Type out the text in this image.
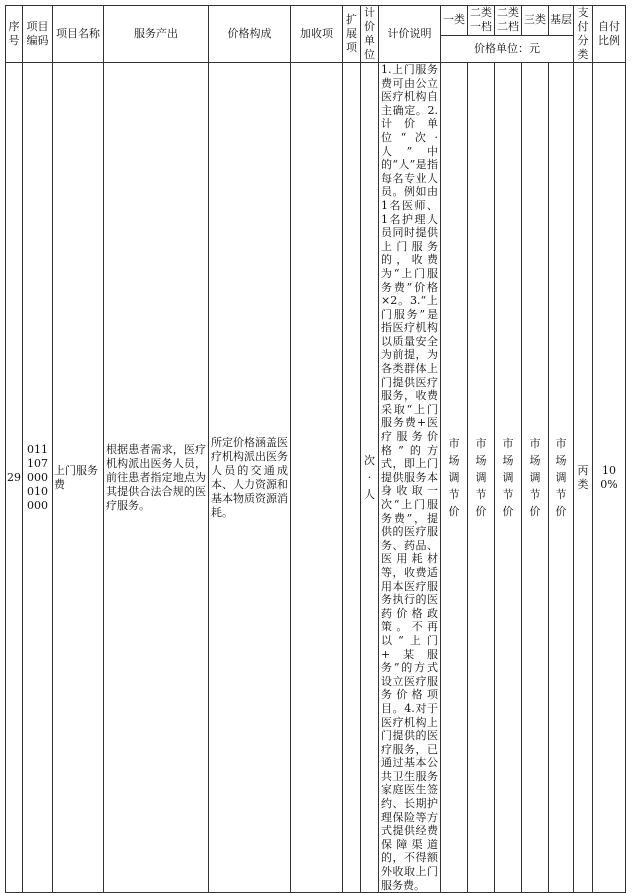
序号	项目编码	项目名称	服务产出	价格构成	加收项	扩展项	计价单位	计价说明	一类	二类一档	二类二档	三类	基层	支付分类	自付比例
									价格单位：元						
29	011107000010000	上门服务费	根据患者需求，医疗机构派出医务人员，前往患者指定地点为其提供合法合规的医疗服务。	所定价格涵盖医疗机构派出医务人员的交通成本、人力资源和基本物质资源消耗。			次·人	1.上门服务费可由公立医疗机构自主确定。2.计价单位“次·人”中的“人”是指每名专业人员。例如由1名医师、1名护理人员同时提供上门服务的，收费为“上门服务费”价格×2。3.“上门服务”是指医疗机构以质量安全为前提，为各类群体上门提供医疗服务，收费采取“上门服务费+医疗服务价格”的方式，即上门提供服务本身收取一次“上门服务费”，提供的医疗服务、药品、医用耗材等，收费适用本医疗服务执行的医药价格政策。不再以“上门+某服务”的方式设立医疗服务价格项目。4.对于医疗机构上门提供的医疗服务，已通过基本公共卫生服务家庭医生签约、长期护理保险等方式提供经费保障渠道的，不得额外收取上门服务费。	市场调节价	市场调节价	市场调节价	市场调节价	市场调节价	丙类	100%
